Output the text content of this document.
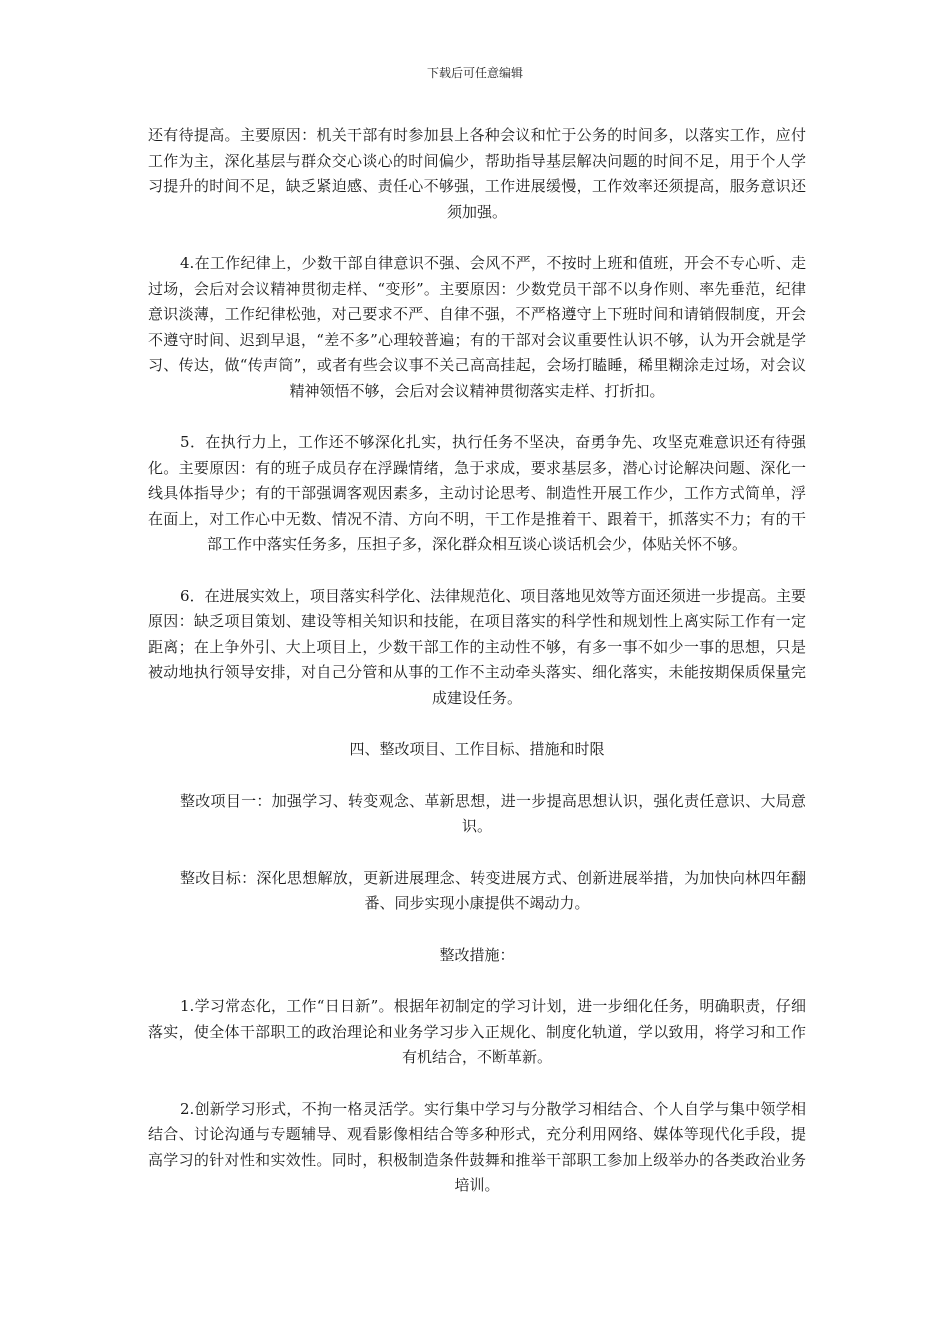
下载后可任意编辑

还有待提高。主要原因：机关干部有时参加县上各种会议和忙于公务的时间多，以落实工作，应付工作为主，深化基层与群众交心谈心的时间偏少，帮助指导基层解决问题的时间不足，用于个人学习提升的时间不足，缺乏紧迫感、责任心不够强，工作进展缓慢，工作效率还须提高，服务意识还须加强。

4.在工作纪律上，少数干部自律意识不强、会风不严，不按时上班和值班，开会不专心听、走过场，会后对会议精神贯彻走样、“变形”。主要原因：少数党员干部不以身作则、率先垂范，纪律意识淡薄，工作纪律松弛，对己要求不严、自律不强，不严格遵守上下班时间和请销假制度，开会不遵守时间、迟到早退，“差不多”心理较普遍；有的干部对会议重要性认识不够，认为开会就是学习、传达，做“传声筒”，或者有些会议事不关己高高挂起，会场打瞌睡，稀里糊涂走过场，对会议精神领悟不够，会后对会议精神贯彻落实走样、打折扣。

5．在执行力上，工作还不够深化扎实，执行任务不坚决，奋勇争先、攻坚克难意识还有待强化。主要原因：有的班子成员存在浮躁情绪，急于求成，要求基层多，潜心讨论解决问题、深化一线具体指导少；有的干部强调客观因素多，主动讨论思考、制造性开展工作少，工作方式简单，浮在面上，对工作心中无数、情况不清、方向不明，干工作是推着干、跟着干，抓落实不力；有的干部工作中落实任务多，压担子多，深化群众相互谈心谈话机会少，体贴关怀不够。

6．在进展实效上，项目落实科学化、法律规范化、项目落地见效等方面还须进一步提高。主要原因：缺乏项目策划、建设等相关知识和技能，在项目落实的科学性和规划性上离实际工作有一定距离；在上争外引、大上项目上，少数干部工作的主动性不够，有多一事不如少一事的思想，只是被动地执行领导安排，对自己分管和从事的工作不主动牵头落实、细化落实，未能按期保质保量完成建设任务。

四、整改项目、工作目标、措施和时限

整改项目一：加强学习、转变观念、革新思想，进一步提高思想认识，强化责任意识、大局意识。

整改目标：深化思想解放，更新进展理念、转变进展方式、创新进展举措，为加快向林四年翻番、同步实现小康提供不竭动力。

整改措施：

1.学习常态化，工作“日日新”。根据年初制定的学习计划，进一步细化任务，明确职责，仔细落实，使全体干部职工的政治理论和业务学习步入正规化、制度化轨道，学以致用，将学习和工作有机结合，不断革新。

2.创新学习形式，不拘一格灵活学。实行集中学习与分散学习相结合、个人自学与集中领学相结合、讨论沟通与专题辅导、观看影像相结合等多种形式，充分利用网络、媒体等现代化手段，提高学习的针对性和实效性。同时，积极制造条件鼓舞和推举干部职工参加上级举办的各类政治业务培训。
